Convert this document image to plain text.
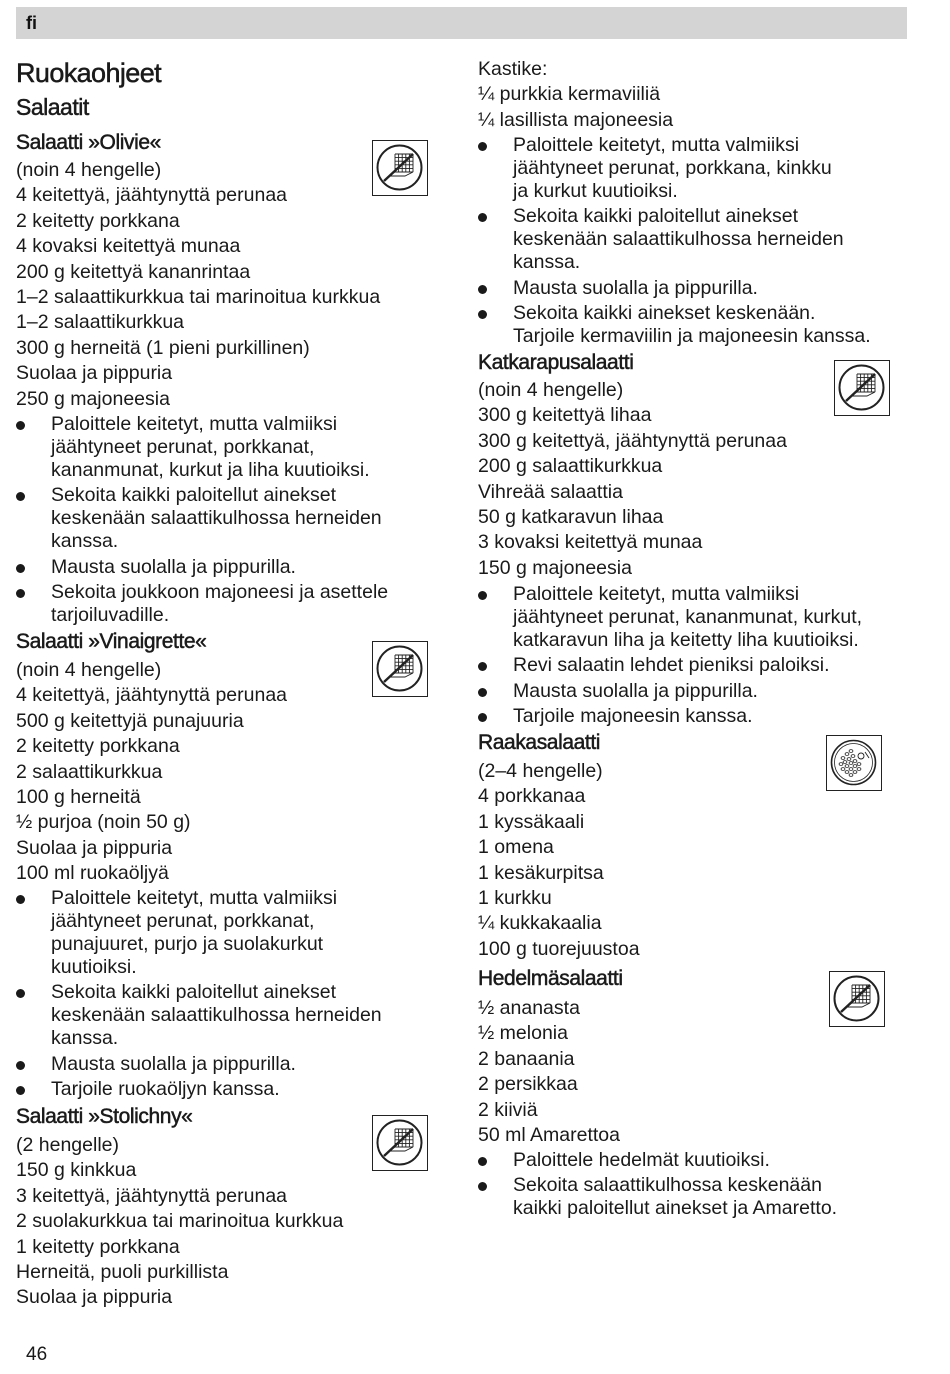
fi
Ruokaohjeet
Salaatit
Salaatti »Olivie«
(noin 4 hengelle)
4 keitettyä, jäähtynyttä perunaa
2 keitetty porkkana
4 kovaksi keitettyä munaa
200 g keitettyä kananrintaa
1–2 salaattikurkkua tai marinoitua kurkkua
1–2 salaattikurkkua
300 g herneitä (1 pieni purkillinen)
Suolaa ja pippuria
250 g majoneesia
Paloittele keitetyt, mutta valmiiksi
jäähtyneet perunat, porkkanat,
kananmunat, kurkut ja liha kuutioiksi.
Sekoita kaikki paloitellut ainekset
keskenään salaattikulhossa herneiden
kanssa.
Mausta suolalla ja pippurilla.
Sekoita joukkoon majoneesi ja asettele
tarjoiluvadille.
Salaatti »Vinaigrette«
(noin 4 hengelle)
4 keitettyä, jäähtynyttä perunaa
500 g keitettyjä punajuuria
2 keitetty porkkana
2 salaattikurkkua
100 g herneitä
½ purjoa (noin 50 g)
Suolaa ja pippuria
100 ml ruokaöljyä
Paloittele keitetyt, mutta valmiiksi
jäähtyneet perunat, porkkanat,
punajuuret, purjo ja suolakurkut
kuutioiksi.
Sekoita kaikki paloitellut ainekset
keskenään salaattikulhossa herneiden
kanssa.
Mausta suolalla ja pippurilla.
Tarjoile ruokaöljyn kanssa.
Salaatti »Stolichny«
(2 hengelle)
150 g kinkkua
3 keitettyä, jäähtynyttä perunaa
2 suolakurkkua tai marinoitua kurkkua
1 keitetty porkkana
Herneitä, puoli purkillista
Suolaa ja pippuria
Kastike:
¼ purkkia kermaviiliä
¼ lasillista majoneesia
Paloittele keitetyt, mutta valmiiksi
jäähtyneet perunat, porkkana, kinkku
ja kurkut kuutioiksi.
Sekoita kaikki paloitellut ainekset
keskenään salaattikulhossa herneiden
kanssa.
Mausta suolalla ja pippurilla.
Sekoita kaikki ainekset keskenään.
Tarjoile kermaviilin ja majoneesin kanssa.
Katkarapusalaatti
(noin 4 hengelle)
300 g keitettyä lihaa
300 g keitettyä, jäähtynyttä perunaa
200 g salaattikurkkua
Vihreää salaattia
50 g katkaravun lihaa
3 kovaksi keitettyä munaa
150 g majoneesia
Paloittele keitetyt, mutta valmiiksi
jäähtyneet perunat, kananmunat, kurkut,
katkaravun liha ja keitetty liha kuutioiksi.
Revi salaatin lehdet pieniksi paloiksi.
Mausta suolalla ja pippurilla.
Tarjoile majoneesin kanssa.
Raakasalaatti
(2–4 hengelle)
4 porkkanaa
1 kyssäkaali
1 omena
1 kesäkurpitsa
1 kurkku
¼ kukkakaalia
100 g tuorejuustoa
Hedelmäsalaatti
½ ananasta
½ melonia
2 banaania
2 persikkaa
2 kiiviä
50 ml Amarettoa
Paloittele hedelmät kuutioiksi.
Sekoita salaattikulhossa keskenään
kaikki paloitellut ainekset ja Amaretto.
46
